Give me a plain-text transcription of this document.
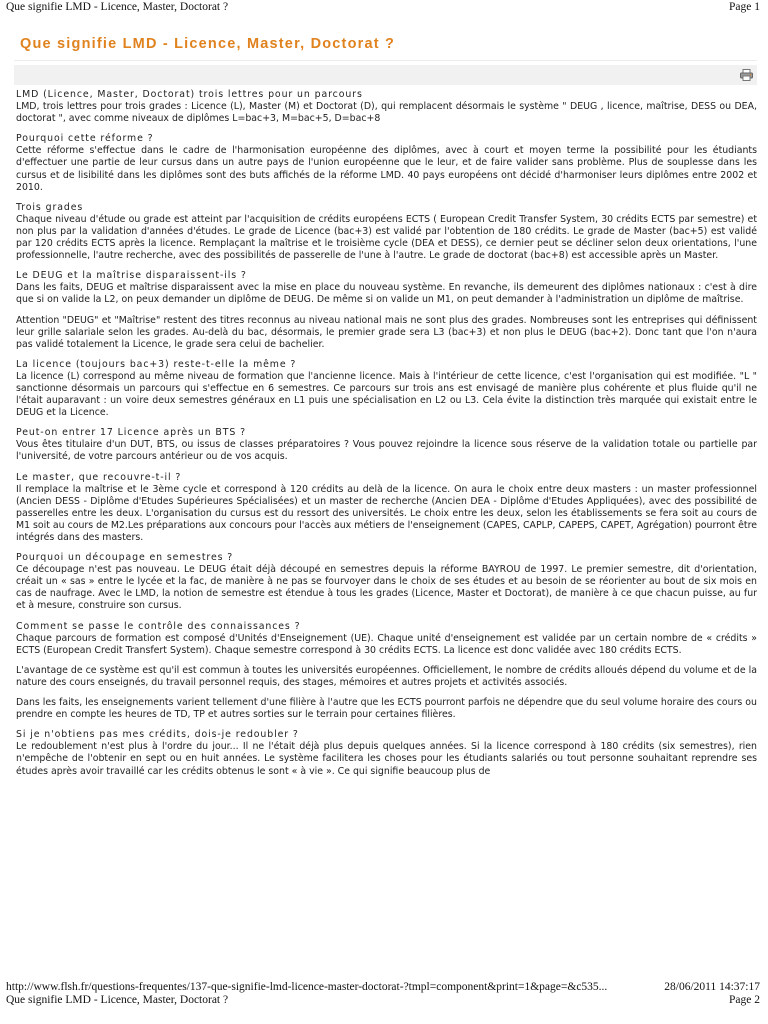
Que signifie LMD - Licence, Master, Doctorat ?	Page 1
Que signifie LMD - Licence, Master, Doctorat ?
LMD (Licence, Master, Doctorat) trois lettres pour un parcours
LMD, trois lettres pour trois grades : Licence (L), Master (M) et Doctorat (D), qui remplacent désormais le système " DEUG , licence, maîtrise, DESS ou DEA, doctorat ", avec comme niveaux de diplômes L=bac+3, M=bac+5, D=bac+8
Pourquoi cette réforme ?
Cette réforme s'effectue dans le cadre de l'harmonisation européenne des diplômes, avec à court et moyen terme la possibilité pour les étudiants d'effectuer une partie de leur cursus dans un autre pays de l'union européenne que le leur, et de faire valider sans problème. Plus de souplesse dans les cursus et de lisibilité dans les diplômes sont des buts affichés de la réforme LMD. 40 pays européens ont décidé d'harmoniser leurs diplômes entre 2002 et 2010.
Trois grades
Chaque niveau d'étude ou grade est atteint par l'acquisition de crédits européens ECTS ( European Credit Transfer System, 30 crédits ECTS par semestre) et non plus par la validation d'années d'études. Le grade de Licence (bac+3) est validé par l'obtention de 180 crédits. Le grade de Master (bac+5) est validé par 120 crédits ECTS après la licence. Remplaçant la maîtrise et le troisième cycle (DEA et DESS), ce dernier peut se décliner selon deux orientations, l'une professionnelle, l'autre recherche, avec des possibilités de passerelle de l'une à l'autre. Le grade de doctorat (bac+8) est accessible après un Master.
Le DEUG et la maîtrise disparaissent-ils ?
Dans les faits, DEUG et maîtrise disparaissent avec la mise en place du nouveau système. En revanche, ils demeurent des diplômes nationaux : c'est à dire que si on valide la L2, on peux demander un diplôme de DEUG. De même si on valide un M1, on peut demander à l'administration un diplôme de maîtrise.
Attention "DEUG" et "Maîtrise" restent des titres reconnus au niveau national mais ne sont plus des grades. Nombreuses sont les entreprises qui définissent leur grille salariale selon les grades. Au-delà du bac, désormais, le premier grade sera L3 (bac+3) et non plus le DEUG (bac+2). Donc tant que l'on n'aura pas validé totalement la Licence, le grade sera celui de bachelier.
La licence (toujours bac+3) reste-t-elle la même ?
La licence (L) correspond au même niveau de formation que l'ancienne licence. Mais à l'intérieur de cette licence, c'est l'organisation qui est modifiée. "L " sanctionne désormais un parcours qui s'effectue en 6 semestres. Ce parcours sur trois ans est envisagé de manière plus cohérente et plus fluide qu'il ne l'était auparavant : un voire deux semestres généraux en L1 puis une spécialisation en L2 ou L3. Cela évite la distinction très marquée qui existait entre le DEUG et la Licence.
Peut-on entrer 17 Licence après un BTS ?
Vous êtes titulaire d'un DUT, BTS, ou issus de classes préparatoires ? Vous pouvez rejoindre la licence sous réserve de la validation totale ou partielle par l'université, de votre parcours antérieur ou de vos acquis.
Le master, que recouvre-t-il ?
Il remplace la maîtrise et le 3ème cycle et correspond à 120 crédits au delà de la licence. On aura le choix entre deux masters : un master professionnel (Ancien DESS - Diplôme d'Etudes Supérieures Spécialisées) et un master de recherche (Ancien DEA - Diplôme d'Etudes Appliquées), avec des possibilité de passerelles entre les deux. L'organisation du cursus est du ressort des universités. Le choix entre les deux, selon les établissements se fera soit au cours de M1 soit au cours de M2.Les préparations aux concours pour l'accès aux métiers de l'enseignement (CAPES, CAPLP, CAPEPS, CAPET, Agrégation) pourront être intégrés dans des masters.
Pourquoi un découpage en semestres ?
Ce découpage n'est pas nouveau. Le DEUG était déjà découpé en semestres depuis la réforme BAYROU de 1997. Le premier semestre, dit d'orientation, créait un « sas » entre le lycée et la fac, de manière à ne pas se fourvoyer dans le choix de ses études et au besoin de se réorienter au bout de six mois en cas de naufrage. Avec le LMD, la notion de semestre est étendue à tous les grades (Licence, Master et Doctorat), de manière à ce que chacun puisse, au fur et à mesure, construire son cursus.
Comment se passe le contrôle des connaissances ?
Chaque parcours de formation est composé d'Unités d'Enseignement (UE). Chaque unité d'enseignement est validée par un certain nombre de « crédits » ECTS (European Credit Transfert System). Chaque semestre correspond à 30 crédits ECTS. La licence est donc validée avec 180 crédits ECTS.
L'avantage de ce système est qu'il est commun à toutes les universités européennes. Officiellement, le nombre de crédits alloués dépend du volume et de la nature des cours enseignés, du travail personnel requis, des stages, mémoires et autres projets et activités associés.
Dans les faits, les enseignements varient tellement d'une filière à l'autre que les ECTS pourront parfois ne dépendre que du seul volume horaire des cours ou prendre en compte les heures de TD, TP et autres sorties sur le terrain pour certaines filières.
Si je n'obtiens pas mes crédits, dois-je redoubler ?
Le redoublement n'est plus à l'ordre du jour... Il ne l'était déjà plus depuis quelques années. Si la licence correspond à 180 crédits (six semestres), rien n'empêche de l'obtenir en sept ou en huit années. Le système facilitera les choses pour les étudiants salariés ou tout personne souhaitant reprendre ses études après avoir travaillé car les crédits obtenus le sont « à vie ». Ce qui signifie beaucoup plus de
http://www.flsh.fr/questions-frequentes/137-que-signifie-lmd-licence-master-doctorat-?tmpl=component&print=1&page=&c535...	28/06/2011 14:37:17
Que signifie LMD - Licence, Master, Doctorat ?	Page 2
